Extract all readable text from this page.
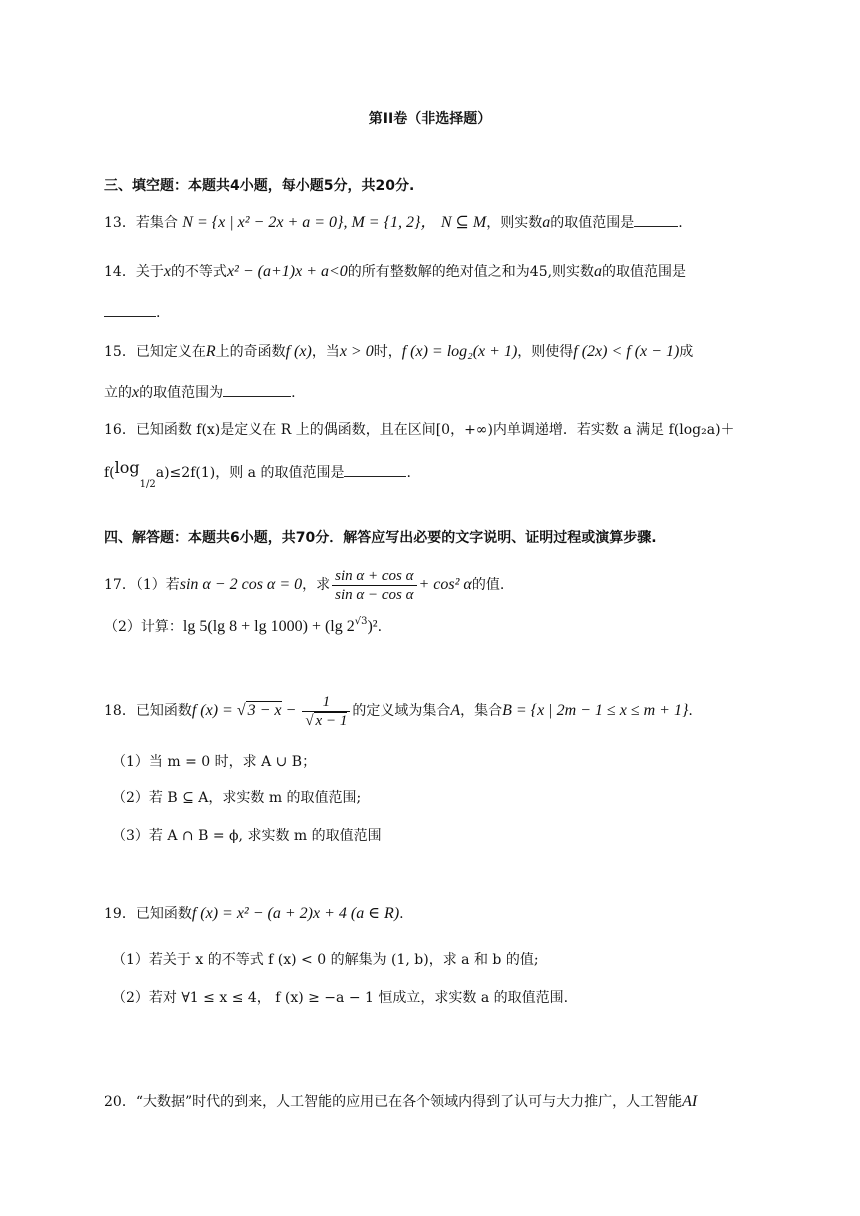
第II卷（非选择题）
三、填空题：本题共4小题，每小题5分，共20分.
13．若集合 N = {x | x² − 2x + a = 0}, M = {1, 2}， N ⊆ M，则实数a的取值范围是	.
14．关于x的不等式x² − (a+1)x + a<0的所有整数解的绝对值之和为45,则实数a的取值范围是
.
15．已知定义在R上的奇函数f (x)，当x > 0时，f (x) = log₂(x + 1)，则使得f (2x) < f (x − 1)成
立的x的取值范围为	.
16．已知函数 f(x)是定义在 R 上的偶函数，且在区间[0，+∞)内单调递增．若实数 a 满足 f(log₂a)＋
$f(\log_{1/2}a)\le 2f(1)$，则 a 的取值范围是	.
四、解答题：本题共6小题，共70分．解答应写出必要的文字说明、证明过程或演算步骤.
17．（1）若sin α − 2 cos α = 0，求 $\frac{\text{sin α + cos α}}{\text{sin α − cos α}} + \cos^2$ α的值.
（2）计算：lg 5(lg 8 + lg 1000) + (lg $2^{√3})^2$.
18．已知函数f (x) = √ $3 - x - \frac{1}{√ x - 1}$ 的定义域为集合A，集合B = {x | 2m − 1 ≤ x ≤ m + 1}.
（1）当 m = 0 时，求 A ∪ B；
（2）若 B ⊆ A，求实数 m 的取值范围;
（3）若 A ∩ B = ϕ, 求实数 m 的取值范围
19．已知函数f (x) = x² − (a + 2)x + 4 (a ∈ R).
（1）若关于 x 的不等式 f (x) < 0 的解集为 (1, b)，求 a 和 b 的值;
（2）若对 ∀1 ≤ x ≤ 4， f (x) ≥ −a − 1 恒成立，求实数 a 的取值范围.
20．“大数据”时代的到来，人工智能的应用已在各个领域内得到了认可与大力推广，人工智能AI
